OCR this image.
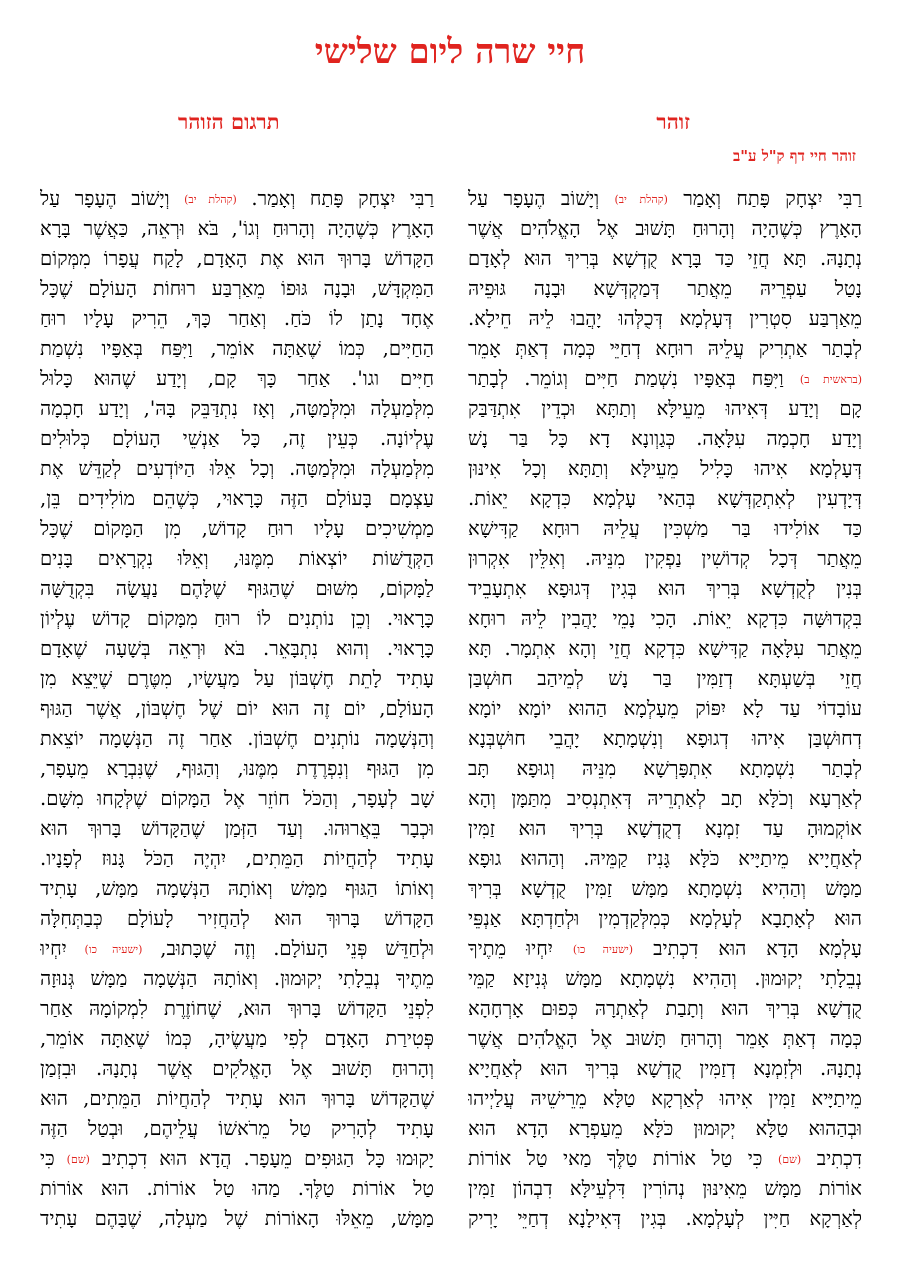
חיי שרה ליום שלישי
זוהר
תרגום הזוהר
זוהר חיי דף ק"ל ע"ב
רַבִּי יִצְחָק פָּתַח וְאָמַר (קהלת יב) וְיָשׁוֹב הֶעָפָר עַל
הָאָרֶץ כְּשֶׁהָיָה וְהָרוּחַ תָּשׁוּב אֶל הָאֱלֹהִים אֲשֶׁר
נְתָנָהּ. תָּא חֲזֵי כַּד בָּרָא קֻדְשָׁא בְּרִיךְ הוּא לְאָדָם
נָטַל עַפְרֵיהּ מֵאֲתַר דְּמַקְדְּשָׁא וּבָנָה גּוּפֵיהּ
מֵאַרְבַּע סִטְרִין דְּעָלְמָא דְּכֻלְּהוּ יָהֲבוּ לֵיהּ חֵילָא.
לְבָתַר אַתְרִיק עֲלֵיהּ רוּחָא דְחַיֵּי כְּמָה דְאַתְּ אָמֵר
(בראשית ב) וַיִּפַּח בְּאַפָּיו נִשְׁמַת חַיִּים וְגוֹמֵר. לְבָתַר
קָם וְיָדַע דְּאִיהוּ מֵעֵילָּא וְתַתָּא וּכְדֵין אִתְדַּבַּק
וְיָדַע חָכְמָה עִלָּאָה. כְּגַוְונָא דָא כָּל בַּר נָשׁ
דְּעָלְמָא אִיהוּ כָּלִיל מֵעֵילָּא וְתַתָּא וְכָל אִינּוּן
דְּיָדְעִין לְאִתְקַדְּשָׁא בְּהַאי עָלְמָא כִּדְקָא יֵאוֹת.
כַּד אוֹלִידוּ בַּר מַשְׁכִּין עֲלֵיהּ רוּחָא קַדִּישָׁא
מֵאֲתַר דְּכָל קְדוֹשִׁין נַפְקִין מִנֵּיהּ. וְאִלֵּין אִקְרוּן
בְּנִין לְקֻדְשָׁא בְּרִיךְ הוּא בְּגִין דְּגוּפָא אִתְעָבֵיד
בִּקְדוּשָּׁה כִּדְקָא יֵאוֹת. הָכִי נָמֵי יָהֲבִין לֵיהּ רוּחָא
מֵאֲתַר עִלָּאָה קַדִּישָׁא כִּדְקָא חֲזֵי וְהָא אִתְמָר. תָּא
חֲזֵי בְּשַׁעְתָּא דְזַמִּין בַּר נָשׁ לְמֵיהַב חוּשְׁבַּן
עוֹבָדוֹי עַד לָא יִפּוֹק מֵעָלְמָא הַהוּא יוֹמָא יוֹמָא
דְחוּשְׁבַּן אִיהוּ דְגוּפָא וְנִשְׁמָתָא יָהֲבֵי חוּשְׁבְּנָא
לְבָתַר נִשְׁמָתָא אִתְפָּרְשָׁא מִנֵּיהּ וְגוּפָא תָּב
לְאַרְעָא וְכֹלָּא תָב לְאַתְרֵיהּ דְּאִתְנְסִיב מִתַּמָּן וְהָא
אוֹקְמוּהָ עַד זִמְנָא דְקֻדְשָׁא בְּרִיךְ הוּא זַמִּין
לְאַחֲיָיא מֵיתַיָּיא כֹּלָּא גָּנִיז קַמֵּיהּ. וְהַהוּא גוּפָא
מַמָּשׁ וְהַהִיא נִשְׁמָתָא מַמָּשׁ זַמִּין קֻדְשָׁא בְּרִיךְ
הוּא לְאָתָבָא לְעָלְמָא כְּמִלְּקַדְמִין וּלְחַדְתָּא אַנְפֵּי
עָלְמָא הָדָא הוּא דִכְתִיב (ישעיה כו) יִחְיוּ מֵתֶיךָ
נְבֵלָתִי יְקוּמוּן. וְהַהִיא נִשְׁמָתָא מַמָּשׁ גְּנִיזָא קַמֵּי
קֻדְשָׁא בְּרִיךְ הוּא וְתָבַת לְאַתְרָהּ כְּפוּם אָרְחָהָא
כְּמָה דְאַתְּ אָמֵר וְהָרוּחַ תָּשׁוּב אֶל הָאֱלֹהִים אֲשֶׁר
נְתָנָהּ. וּלְזִמְנָא דְזַמִּין קֻדְשָׁא בְּרִיךְ הוּא לְאַחֲיָיא
מֵיתַיָּיא זַמִּין אִיהוּ לְאַרְקָא טַלָּא מֵרֵישֵׁיהּ עֲלַיְיהוּ
וּבְהַהוּא טַלָּא יְקוּמוּן כֹּלָּא מֵעַפְרָא הָדָא הוּא
דִכְתִיב (שם) כִּי טַל אוֹרוֹת טַלֶּךָ מַאי טַל אוֹרוֹת
אוֹרוֹת מַמָּשׁ מֵאִינּוּן נְהוֹרִין דִּלְעֵילָּא דִבְהוֹן זַמִּין
לְאַרְקָא חַיִּין לְעָלְמָא. בְּגִין דְּאִילָנָא דְחַיֵּי יָרִיק
רַבִּי יִצְחָק פָּתַח וְאָמַר. (קהלת יב) וְיָשׁוֹב הֶעָפָר עַל
הָאָרֶץ כְּשֶׁהָיָה וְהָרוּחַ וְגוֹ', בֹּא וּרְאֵה, כַּאֲשֶׁר בָּרָא
הַקָּדוֹשׁ בָּרוּךְ הוּא אֶת הָאָדָם, לָקַח עֲפָרוֹ מִמְּקוֹם
הַמִּקְדָּשׁ, וּבָנָה גּוּפוֹ מֵאַרְבַּע רוּחוֹת הָעוֹלָם שֶׁכָּל
אֶחָד נָתַן לוֹ כֹּחַ. וְאַחַר כָּךְ, הֵרִיק עָלָיו רוּחַ
הַחַיִּים, כְּמוֹ שֶׁאַתָּה אוֹמֵר, וַיִּפַּח בְּאַפָּיו נִשְׁמַת
חַיִּים וגו'. אַחַר כָּךְ קָם, וְיָדַע שֶׁהוּא כָּלוּל
מִלְּמַעְלָה וּמִלְּמַטָּה, וְאָז נִתְדַּבֵּק בָּהּ', וְיָדַע חָכְמָה
עֶלְיוֹנָה. כְּעֵין זֶה, כָּל אַנְשֵׁי הָעוֹלָם כְּלוּלִים
מִלְּמַעְלָה וּמִלְּמַטָּה. וְכָל אֵלּוּ הַיּוֹדְעִים לְקַדֵּשׁ אֶת
עַצְמָם בָּעוֹלָם הַזֶּה כָּרָאוּי, כְּשֶׁהֵם מוֹלִידִים בֵּן,
מַמְשִׁיכִים עָלָיו רוּחַ קָדוֹשׁ, מִן הַמָּקוֹם שֶׁכָּל
הַקְּדֻשּׁוֹת יוֹצְאוֹת מִמֶּנּוּ, וְאֵלּוּ נִקְרָאִים בָּנִים
לַמָּקוֹם, מִשּׁוּם שֶׁהַגּוּף שֶׁלָּהֶם נַעֲשָׂה בִּקְדֻשָּׁה
כָּרָאוּי. וְכֵן נוֹתְנִים לוֹ רוּחַ מִמָּקוֹם קָדוֹשׁ עֶלְיוֹן
כָּרָאוּי. וְהוּא נִתְבָּאֵר. בֹּא וּרְאֵה בְּשָׁעָה שֶׁאָדָם
עָתִיד לָתֵת חֶשְׁבּוֹן עַל מַעֲשָׂיו, מִטֶּרֶם שֶׁיֵּצֵא מִן
הָעוֹלָם, יוֹם זֶה הוּא יוֹם שֶׁל חֶשְׁבּוֹן, אֲשֶׁר הַגּוּף
וְהַנְּשָׁמָה נוֹתְנִים חֶשְׁבּוֹן. אַחַר זֶה הַנְּשָׁמָה יוֹצֵאת
מִן הַגּוּף וְנִפְרֶדֶת מִמֶּנּוּ, וְהַגּוּף, שֶׁנִּבְרָא מֵעָפָר,
שָׁב לְעָפָר, וְהַכֹּל חוֹזֵר אֶל הַמָּקוֹם שֶׁלְּקָחוּ מִשָּׁם.
וּכְבָר בֵּאֲרוּהוּ. וְעַד הַזְּמַן שֶׁהַקָּדוֹשׁ בָּרוּךְ הוּא
עָתִיד לְהַחֲיוֹת הַמֵּתִים, יִהְיֶה הַכֹּל גָּנוּז לְפָנָיו.
וְאוֹתוֹ הַגּוּף מַמָּשׁ וְאוֹתָהּ הַנְּשָׁמָה מַמָּשׁ, עָתִיד
הַקָּדוֹשׁ בָּרוּךְ הוּא לְהַחֲזִיר לָעוֹלָם כְּבַתְּחִלָּה
וּלְחַדֵּשׁ פְּנֵי הָעוֹלָם. וְזֶה שֶׁכָּתוּב, (ישעיה כו) יִחְיוּ
מֵתֶיךָ נְבֵלָתִי יְקוּמוּן. וְאוֹתָהּ הַנְּשָׁמָה מַמָּשׁ גְּנוּזָה
לִפְנֵי הַקָּדוֹשׁ בָּרוּךְ הוּא, שֶׁחוֹזֶרֶת לִמְקוֹמָהּ אַחַר
פְּטִירַת הָאָדָם לְפִי מַעֲשֶׂיהָ, כְּמוֹ שֶׁאַתָּה אוֹמֵר,
וְהָרוּחַ תָּשׁוּב אֶל הָאֱלֹקִים אֲשֶׁר נְתָנָהּ. וּבִזְמַן
שֶׁהַקָּדוֹשׁ בָּרוּךְ הוּא עָתִיד לְהַחֲיוֹת הַמֵּתִים, הוּא
עָתִיד לְהָרִיק טַל מֵרֹאשׁוֹ עֲלֵיהֶם, וּבְטַל הַזֶּה
יָקוּמוּ כָּל הַגּוּפִים מֵעָפָר. הֲדָא הוּא דִכְתִיב (שם) כִּי
טַל אוֹרוֹת טַלֶּךָ. מַהוּ טַל אוֹרוֹת. הוּא אוֹרוֹת
מַמָּשׁ, מֵאֵלּוּ הָאוֹרוֹת שֶׁל מַעְלָה, שֶׁבָּהֶם עָתִיד
